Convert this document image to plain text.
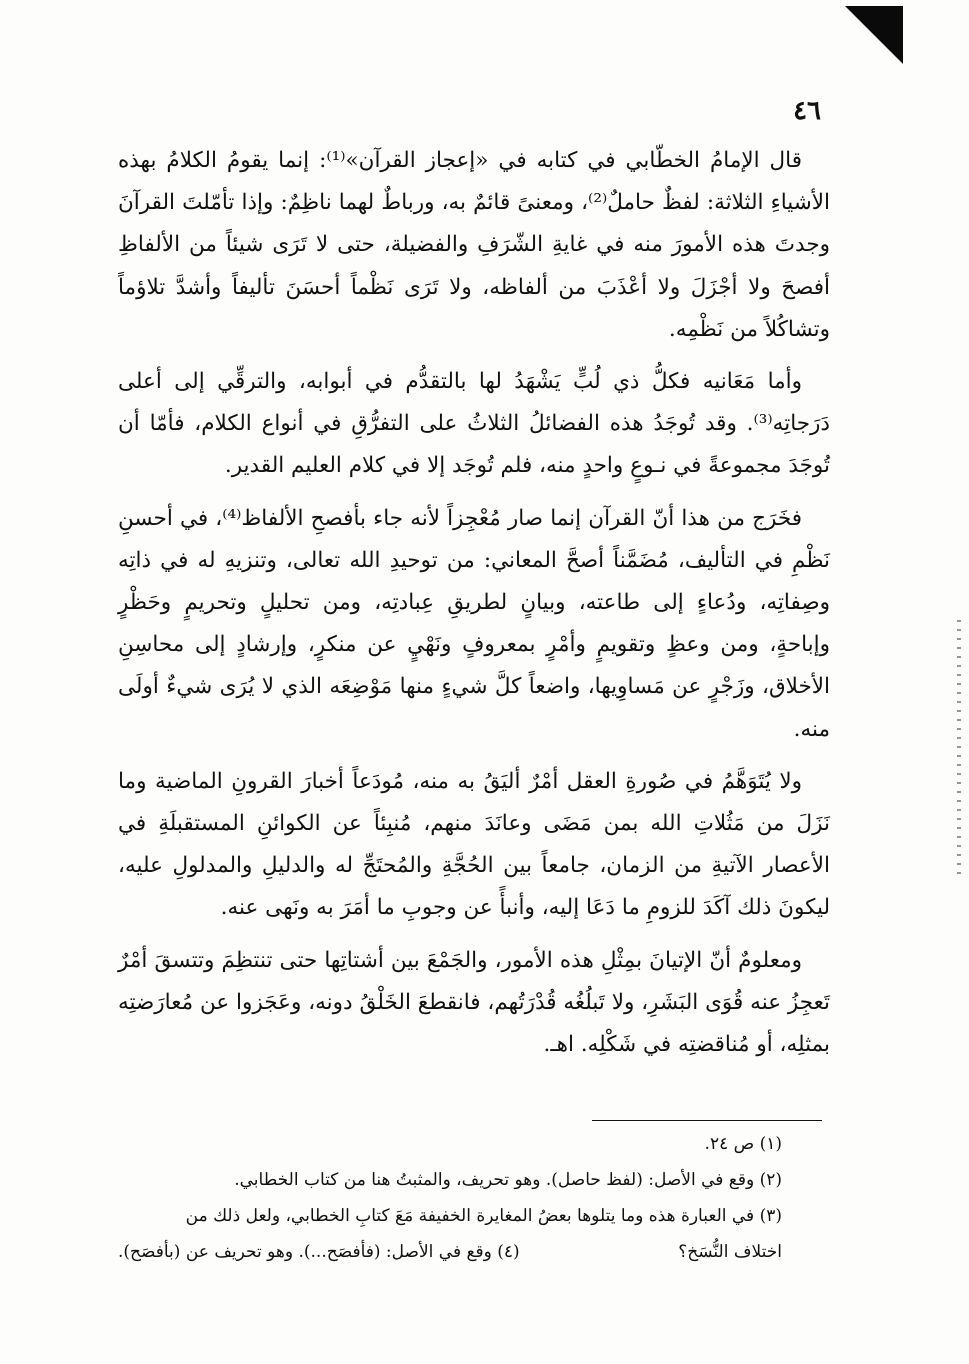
٤٦

قال الإمامُ الخطّابي في كتابه في «إعجاز القرآن»⁽¹⁾: إنما يقومُ الكلامُ بهذه الأشياءِ الثلاثة: لفظٌ حاملٌ⁽²⁾، ومعنىً قائمٌ به، ورباطٌ لهما ناظِمٌ: وإذا تأمّلتَ القرآنَ وجدتَ هذه الأمورَ منه في غايةِ الشّرَفِ والفضيلة، حتى لا تَرَى شيئاً من الألفاظِ أفصحَ ولا أجْزَلَ ولا أعْذَبَ من ألفاظه، ولا تَرَى نَظْماً أحسَنَ تأليفاً وأشدَّ تلاؤماً وتشاكُلاً من نَظْمِه.

وأما مَعَانيه فكلُّ ذي لُبٍّ يَشْهَدُ لها بالتقدُّم في أبوابه، والترقِّي إلى أعلى دَرَجاتِه⁽³⁾. وقد تُوجَدُ هذه الفضائلُ الثلاثُ على التفرُّقِ في أنواع الكلام، فأمّا أن تُوجَدَ مجموعةً في نـوعٍ واحدٍ منه، فلم تُوجَد إلا في كلام العليم القدير.

فخَرَج من هذا أنّ القرآن إنما صار مُعْجِزاً لأنه جاء بأفصحِ الألفاظ⁽⁴⁾، في أحسنِ نَظْمِ في التأليف، مُضَمَّناً أصحَّ المعاني: من توحيدِ الله تعالى، وتنزيهِ له في ذاتِه وصِفاتِه، ودُعاءٍ إلى طاعته، وبيانٍ لطريقِ عِبادتِه، ومن تحليلٍ وتحريمٍ وحَظْرٍ وإباحةٍ، ومن وعظٍ وتقويمٍ وأمْرٍ بمعروفٍ ونَهْيٍ عن منكرٍ، وإرشادٍ إلى محاسِنِ الأخلاق، وزَجْرٍ عن مَساوِيها، واضعاً كلَّ شيءٍ منها مَوْضِعَه الذي لا يُرَى شيءٌ أولَى منه.

ولا يُتَوَهَّمُ في صُورةِ العقل أمْرٌ أليَقُ به منه، مُودَعاً أخبارَ القرونِ الماضية وما نَزَلَ من مَثُلاتِ الله بمن مَضَى وعانَدَ منهم، مُنبِئاً عن الكوائنِ المستقبلَةِ في الأعصار الآتيةِ من الزمان، جامعاً بين الحُجَّةِ والمُحتَجِّ له والدليلِ والمدلولِ عليه، ليكونَ ذلك آكَدَ للزومِ ما دَعَا إليه، وأنبأً عن وجوبِ ما أمَرَ به ونَهى عنه.

ومعلومٌ أنّ الإتيانَ بمِثْلِ هذه الأمور، والجَمْعَ بين أشتاتِها حتى تنتظِمَ وتتسقَ أمْرٌ تَعجِزُ عنه قُوَى البَشَرِ، ولا تَبلُغُه قُدْرَتُهم، فانقطعَ الخَلْقُ دونه، وعَجَزوا عن مُعارَضتِه بمثلِه، أو مُناقضتِه في شَكْلِه. اهـ.

(١) ص ٢٤.

(٢) وقع في الأصل: (لفظ حاصل). وهو تحريف، والمثبتُ هنا من كتاب الخطابي.

(٣) في العبارة هذه وما يتلوها بعضُ المغايرة الخفيفة مَعَ كتابِ الخطابي، ولعل ذلك من

اختلاف النُّسَخ؟
(٤) وقع في الأصل: (فأفصَح...). وهو تحريف عن (بأفصَح).
